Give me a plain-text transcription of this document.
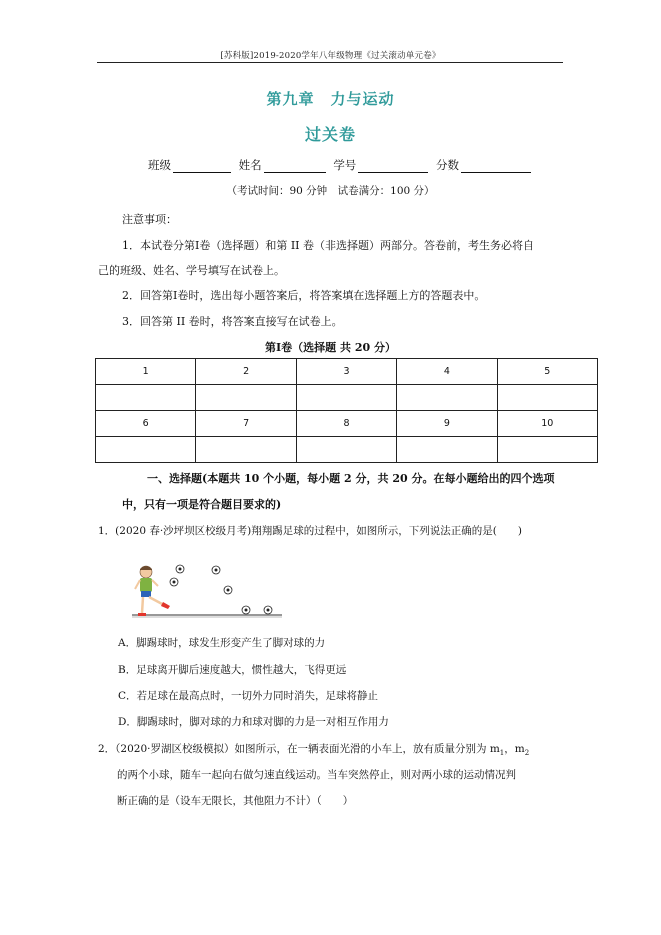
[苏科版]2019-2020学年八年级物理《过关滚动单元卷》
第九章　力与运动
过关卷
班级	姓名	学号	分数
（考试时间：90 分钟　试卷满分：100 分）
注意事项：
1．本试卷分第Ⅰ卷（选择题）和第 II 卷（非选择题）两部分。答卷前，考生务必将自
己的班级、姓名、学号填写在试卷上。
2．回答第Ⅰ卷时，选出每小题答案后，将答案填在选择题上方的答题表中。
3．回答第 II 卷时，将答案直接写在试卷上。
第Ⅰ卷（选择题 共 20 分）
1	2	3	4	5

6	7	8	9	10

一、选择题(本题共 10 个小题，每小题 2 分，共 20 分。在每小题给出的四个选项
中，只有一项是符合题目要求的)
1．(2020 春·沙坪坝区校级月考)翔翔踢足球的过程中，如图所示，下列说法正确的是(　　)
A．脚踢球时，球发生形变产生了脚对球的力
B．足球离开脚后速度越大，惯性越大，飞得更远
C．若足球在最高点时，一切外力同时消失，足球将静止
D．脚踢球时，脚对球的力和球对脚的力是一对相互作用力
2．（2020·罗湖区校级模拟）如图所示，在一辆表面光滑的小车上，放有质量分别为 $m_1$，$m_2$
的两个小球，随车一起向右做匀速直线运动。当车突然停止，则对两小球的运动情况判
断正确的是（设车无限长，其他阻力不计）（　　）
